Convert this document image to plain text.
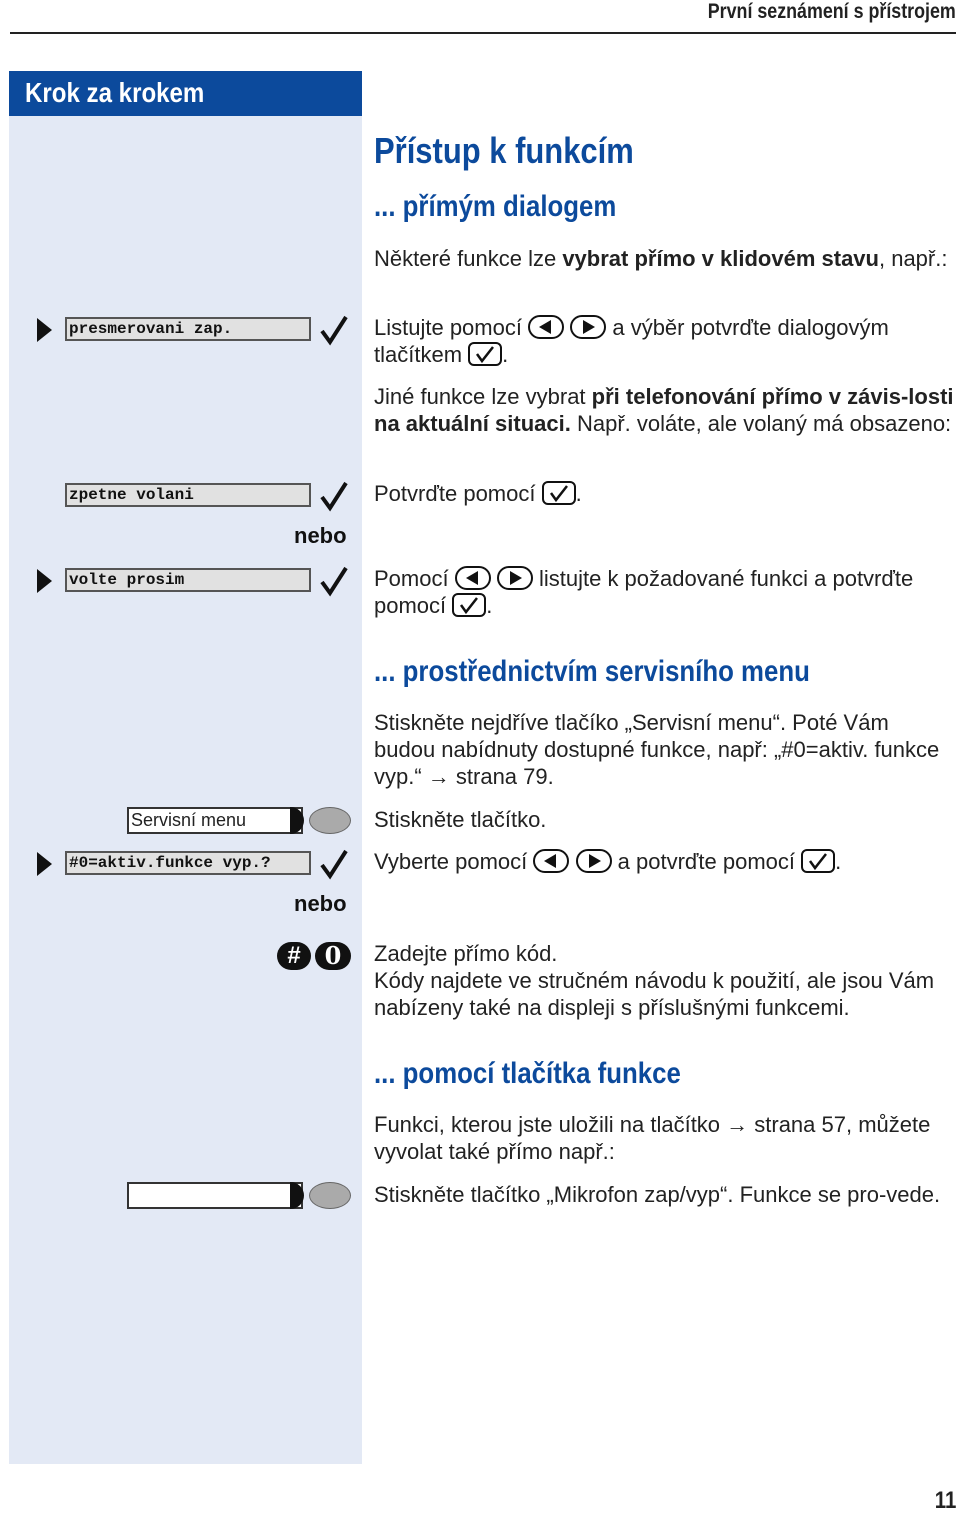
První seznámení s přístrojem
Krok za krokem
Přístup k funkcím
... přímým dialogem
... prostřednictvím servisního menu
... pomocí tlačítka funkce
Některé funkce lze vybrat přímo v klidovém stavu, např.:
presmerovani zap.	Listujte pomocí	a výběr potvrďte dialogovým tlačítkem .
Jiné funkce lze vybrat při telefonování přímo v závis-losti na aktuální situaci. Např. voláte, ale volaný má obsazeno:
zpetne volani	Potvrďte pomocí .
nebo
volte prosim	Pomocí	listujte k požadované funkci a potvrďte pomocí .
Stiskněte nejdříve tlačíko „Servisní menu“. Poté Vám budou nabídnuty dostupné funkce, např: „#0=aktiv. funkce vyp.“ → strana 79.
Servisní menu	Stiskněte tlačítko.
#0=aktiv.funkce vyp.?	Vyberte pomocí	a potvrďte pomocí .
nebo
# 0	Zadejte přímo kód.
Kódy najdete ve stručném návodu k použití, ale jsou Vám nabízeny také na displeji s příslušnými funkcemi.
Funkci, kterou jste uložili na tlačítko → strana 57, můžete vyvolat také přímo např.:
Stiskněte tlačítko „Mikrofon zap/vyp“. Funkce se pro-vede.
11
